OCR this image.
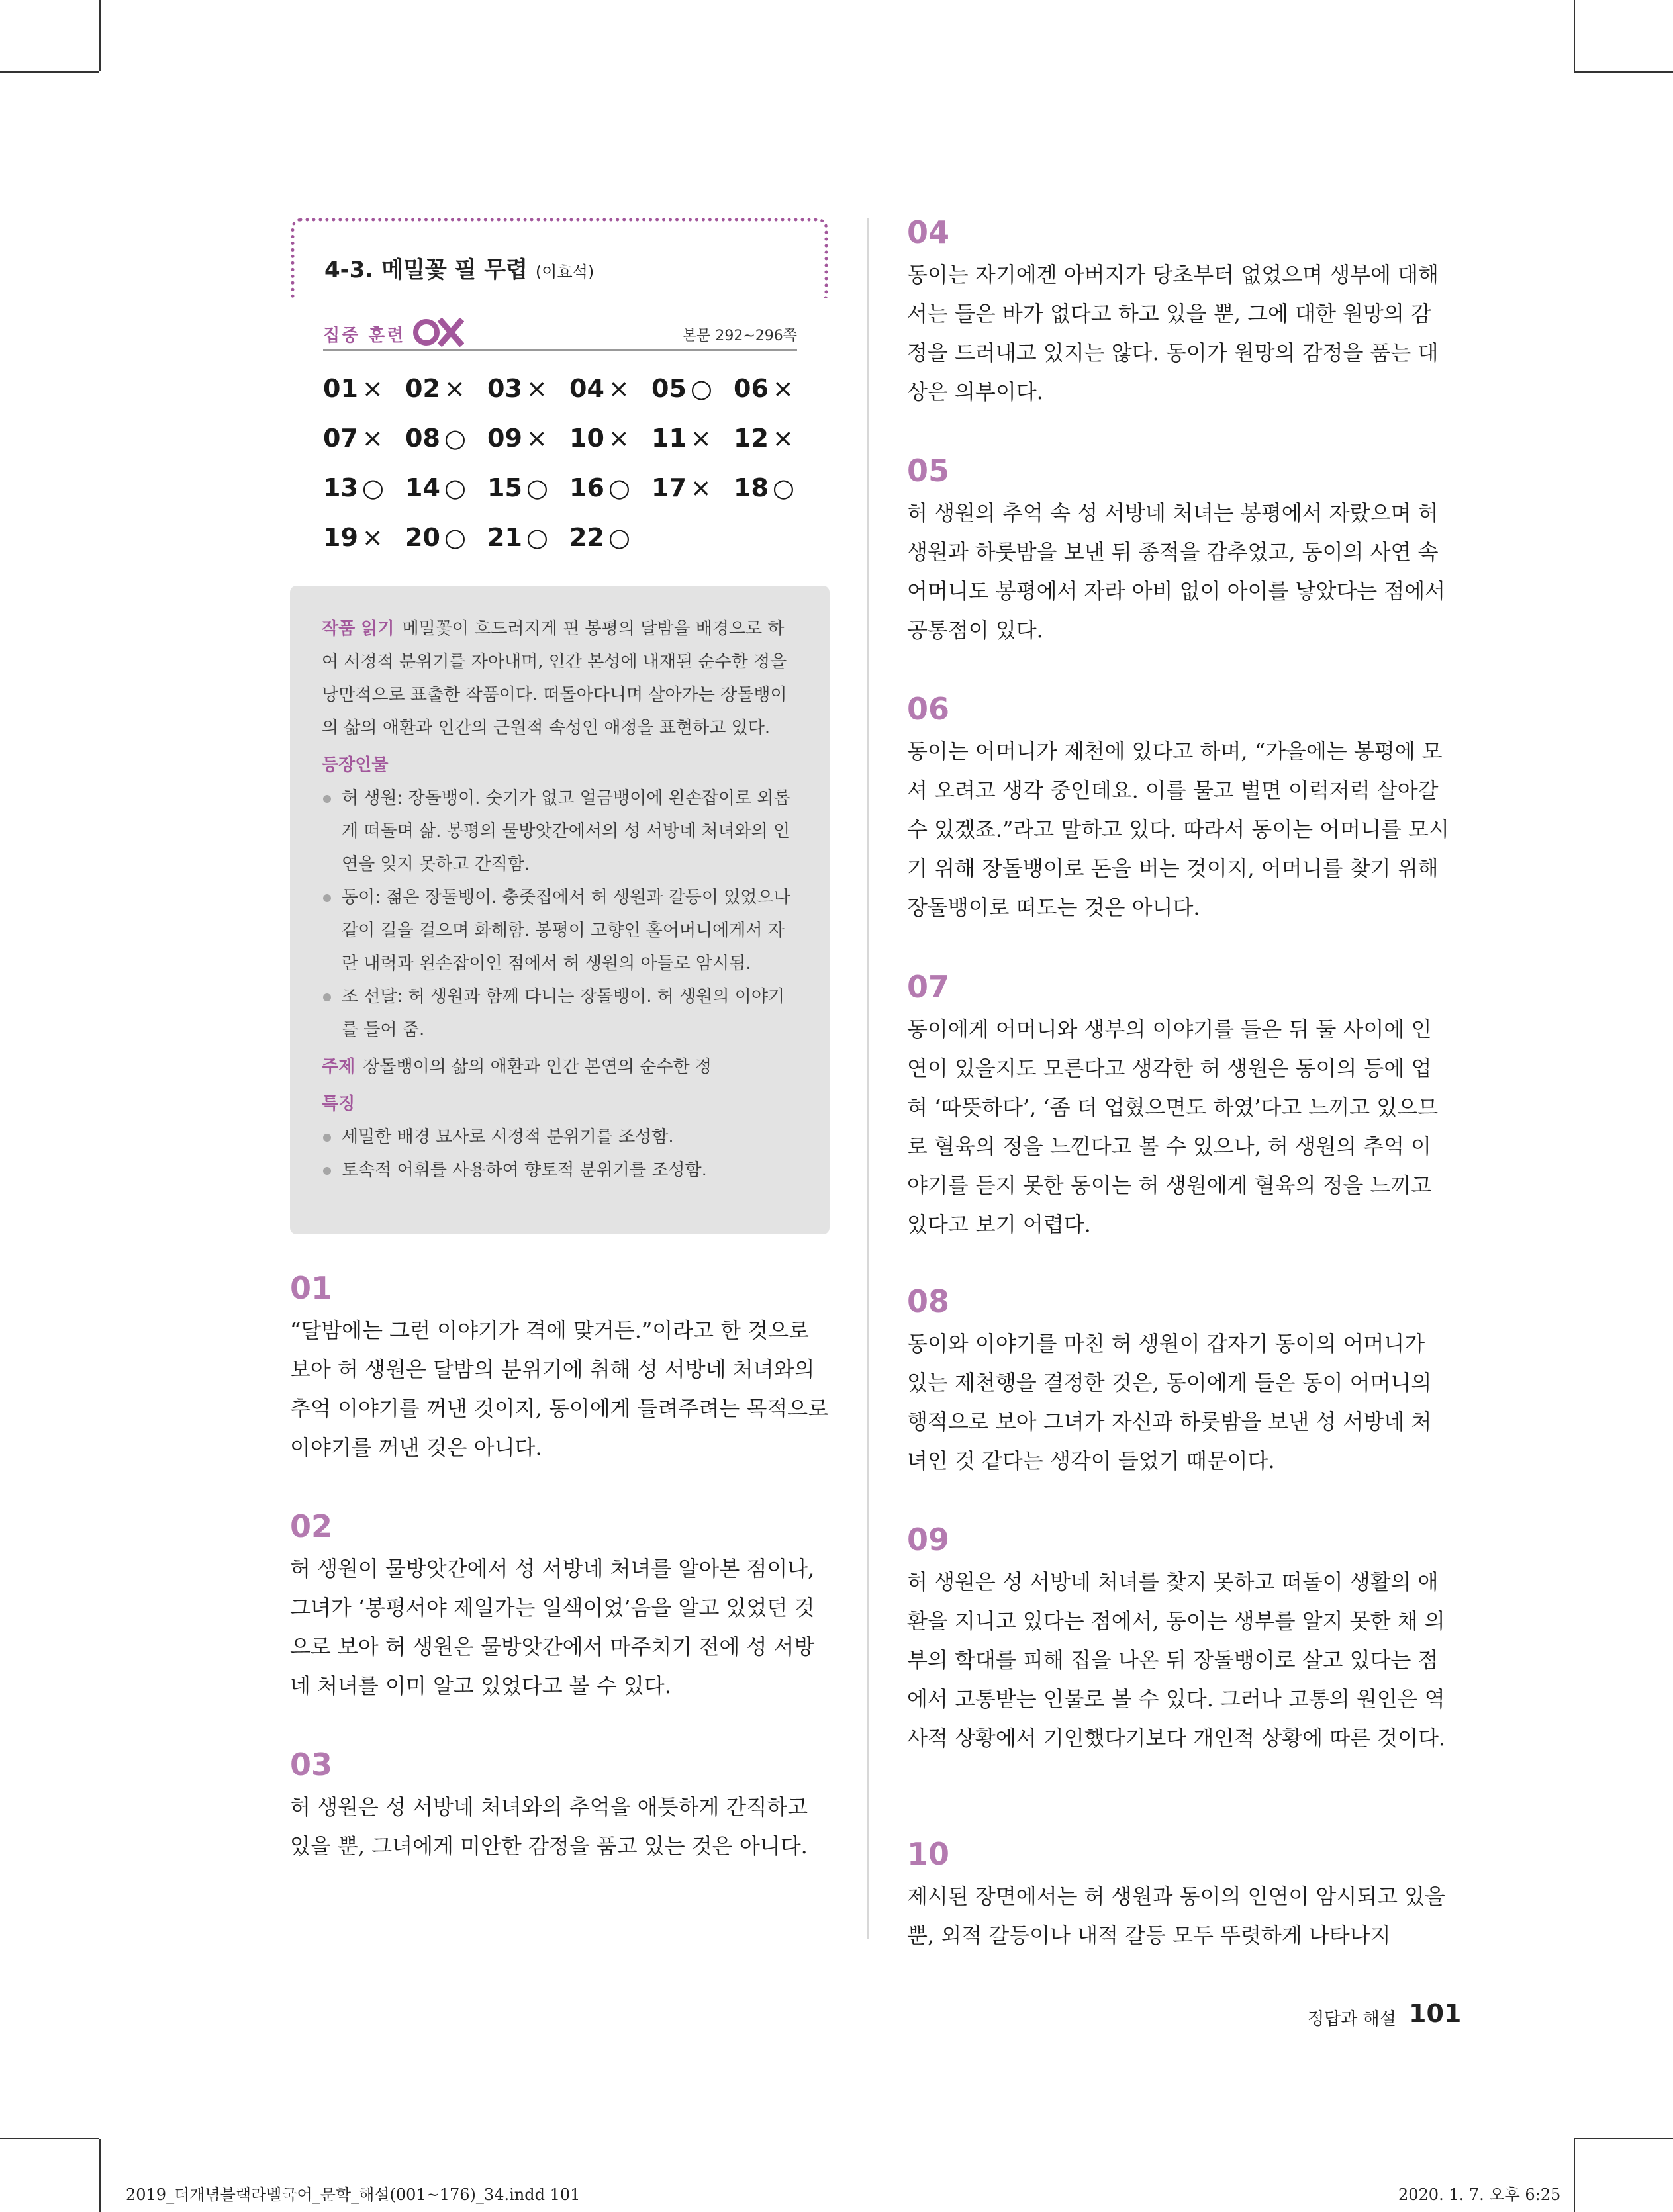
4-3. 메밀꽃 필 무렵 (이효석)
집중 훈련	본문 292~296쪽
01 × 02 × 03 × 04 × 05 ○ 06 ×
07 × 08 ○ 09 × 10 × 11 × 12 ×
13 ○ 14 ○ 15 ○ 16 ○ 17 × 18 ○
19 × 20 ○ 21 ○ 22 ○
작품 읽기 메밀꽃이 흐드러지게 핀 봉평의 달밤을 배경으로 하여 서정적 분위기를 자아내며, 인간 본성에 내재된 순수한 정을 낭만적으로 표출한 작품이다. 떠돌아다니며 살아가는 장돌뱅이의 삶의 애환과 인간의 근원적 속성인 애정을 표현하고 있다.
등장인물
허 생원: 장돌뱅이. 숫기가 없고 얼금뱅이에 왼손잡이로 외롭게 떠돌며 삶. 봉평의 물방앗간에서의 성 서방네 처녀와의 인연을 잊지 못하고 간직함.
동이: 젊은 장돌뱅이. 충줏집에서 허 생원과 갈등이 있었으나 같이 길을 걸으며 화해함. 봉평이 고향인 홀어머니에게서 자란 내력과 왼손잡이인 점에서 허 생원의 아들로 암시됨.
조 선달: 허 생원과 함께 다니는 장돌뱅이. 허 생원의 이야기를 들어 줌.
주제 장돌뱅이의 삶의 애환과 인간 본연의 순수한 정
특징
세밀한 배경 묘사로 서정적 분위기를 조성함.
토속적 어휘를 사용하여 향토적 분위기를 조성함.
01
“달밤에는 그런 이야기가 격에 맞거든.”이라고 한 것으로 보아 허 생원은 달밤의 분위기에 취해 성 서방네 처녀와의 추억 이야기를 꺼낸 것이지, 동이에게 들려주려는 목적으로 이야기를 꺼낸 것은 아니다.
02
허 생원이 물방앗간에서 성 서방네 처녀를 알아본 점이나, 그녀가 ‘봉평서야 제일가는 일색이었’음을 알고 있었던 것으로 보아 허 생원은 물방앗간에서 마주치기 전에 성 서방네 처녀를 이미 알고 있었다고 볼 수 있다.
03
허 생원은 성 서방네 처녀와의 추억을 애틋하게 간직하고 있을 뿐, 그녀에게 미안한 감정을 품고 있는 것은 아니다.
04
동이는 자기에겐 아버지가 당초부터 없었으며 생부에 대해서는 들은 바가 없다고 하고 있을 뿐, 그에 대한 원망의 감정을 드러내고 있지는 않다. 동이가 원망의 감정을 품는 대상은 의부이다.
05
허 생원의 추억 속 성 서방네 처녀는 봉평에서 자랐으며 허 생원과 하룻밤을 보낸 뒤 종적을 감추었고, 동이의 사연 속 어머니도 봉평에서 자라 아비 없이 아이를 낳았다는 점에서 공통점이 있다.
06
동이는 어머니가 제천에 있다고 하며, “가을에는 봉평에 모셔 오려고 생각 중인데요. 이를 물고 벌면 이럭저럭 살아갈 수 있겠죠.”라고 말하고 있다. 따라서 동이는 어머니를 모시기 위해 장돌뱅이로 돈을 버는 것이지, 어머니를 찾기 위해 장돌뱅이로 떠도는 것은 아니다.
07
동이에게 어머니와 생부의 이야기를 들은 뒤 둘 사이에 인연이 있을지도 모른다고 생각한 허 생원은 동이의 등에 업혀 ‘따뜻하다’, ‘좀 더 업혔으면도 하였’다고 느끼고 있으므로 혈육의 정을 느낀다고 볼 수 있으나, 허 생원의 추억 이야기를 듣지 못한 동이는 허 생원에게 혈육의 정을 느끼고 있다고 보기 어렵다.
08
동이와 이야기를 마친 허 생원이 갑자기 동이의 어머니가 있는 제천행을 결정한 것은, 동이에게 들은 동이 어머니의 행적으로 보아 그녀가 자신과 하룻밤을 보낸 성 서방네 처녀인 것 같다는 생각이 들었기 때문이다.
09
허 생원은 성 서방네 처녀를 찾지 못하고 떠돌이 생활의 애환을 지니고 있다는 점에서, 동이는 생부를 알지 못한 채 의부의 학대를 피해 집을 나온 뒤 장돌뱅이로 살고 있다는 점에서 고통받는 인물로 볼 수 있다. 그러나 고통의 원인은 역사적 상황에서 기인했다기보다 개인적 상황에 따른 것이다.
10
제시된 장면에서는 허 생원과 동이의 인연이 암시되고 있을 뿐, 외적 갈등이나 내적 갈등 모두 뚜렷하게 나타나지
정답과 해설 101
2019_더개념블랙라벨국어_문학_해설(001~176)_34.indd 101	2020. 1. 7. 오후 6:25
